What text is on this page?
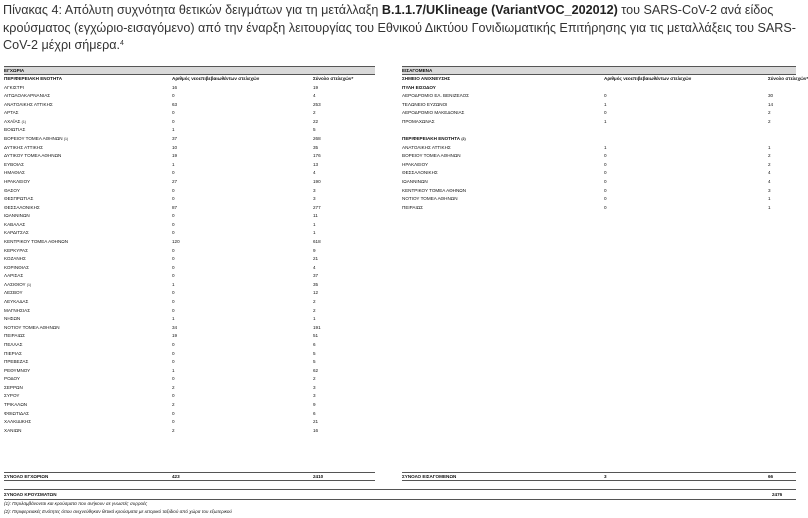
Πίνακας 4: Απόλυτη συχνότητα θετικών δειγμάτων για τη μετάλλαξη B.1.1.7/UKlineage (VariantVOC_202012) του SARS-CoV-2 ανά είδος κρούσματος (εγχώριο-εισαγόμενο) από την έναρξη λειτουργίας του Εθνικού Δικτύου Γονιδιωματικής Επιτήρησης για τις μεταλλάξεις του SARS-CoV-2 μέχρι σήμερα.$^4$
ΕΓΧΩΡΙΑ
ΠΕΡΙΦΕΡΕΙΑΚΗ ΕΝΟΤΗΤΑ	Αριθμός νεοεπιβεβαιωθέντων στελεχών	Σύνολο στελεχών*
ΑΓΚΙΣΤΡΙ	16	19
ΑΙΤΩΛΟΑΚΑΡΝΑΝΙΑΣ	0	4
ΑΝΑΤΟΛΙΚΗΣ ΑΤΤΙΚΗΣ	63	253
ΑΡΤΑΣ	0	2
ΑΧΑΪΑΣ $^{(1)}$	0	22
ΒΟΙΩΤΙΑΣ	1	5
ΒΟΡΕΙΟΥ ΤΟΜΕΑ ΑΘΗΝΩΝ $^{(1)}$	37	268
ΔΥΤΙΚΗΣ ΑΤΤΙΚΗΣ	10	35
ΔΥΤΙΚΟΥ ΤΟΜΕΑ ΑΘΗΝΩΝ	19	176
ΕΥΒΟΙΑΣ	1	13
ΗΜΑΘΙΑΣ	0	4
ΗΡΑΚΛΕΙΟΥ	27	190
ΘΑΣΟΥ	0	3
ΘΕΣΠΡΩΤΙΑΣ	0	3
ΘΕΣΣΑΛΟΝΙΚΗΣ	87	277
ΙΩΑΝΝΙΝΩΝ	0	11
ΚΑΒΑΛΑΣ	0	1
ΚΑΡΔΙΤΣΑΣ	0	1
ΚΕΝΤΡΙΚΟΥ ΤΟΜΕΑ ΑΘΗΝΩΝ	120	618
ΚΕΡΚΥΡΑΣ	0	9
ΚΟΖΑΝΗΣ	0	21
ΚΟΡΙΝΘΙΑΣ	0	4
ΛΑΡΙΣΑΣ	0	37
ΛΑΣΙΘΙΟΥ $^{(1)}$	1	35
ΛΕΣΒΟΥ	0	12
ΛΕΥΚΑΔΑΣ	0	2
ΜΑΓΝΗΣΙΑΣ	0	2
ΝΗΣΩΝ	1	1
ΝΟΤΙΟΥ ΤΟΜΕΑ ΑΘΗΝΩΝ	34	191
ΠΕΙΡΑΙΩΣ	19	51
ΠΕΛΛΑΣ	0	6
ΠΙΕΡΙΑΣ	0	5
ΠΡΕΒΕΖΑΣ	0	5
ΡΕΘΥΜΝΟΥ	1	62
ΡΟΔΟΥ	0	2
ΣΕΡΡΩΝ	2	3
ΣΥΡΟΥ	0	3
ΤΡΙΚΑΛΩΝ	2	9
ΦΘΙΩΤΙΔΑΣ	0	6
ΧΑΛΚΙΔΙΚΗΣ	0	21
ΧΑΝΙΩΝ	2	16
ΣΥΝΟΛΟ ΕΓΧΩΡΙΩΝ	423	2410
ΕΙΣΑΓΟΜΕΝΑ
ΣΗΜΕΙΟ ΑΝΙΧΝΕΥΣΗΣ	Αριθμός νεοεπιβεβαιωθέντων στελεχών	Σύνολο στελεχών*
ΠΥΛΗ ΕΙΣΟΔΟΥ
ΑΕΡΟΔΡΟΜΙΟ ΕΛ. ΒΕΝΙΖΕΛΟΣ	0	30
ΤΕΛΩΝΕΙΟ ΕΥΖΩΝΟΙ	1	14
ΑΕΡΟΔΡΟΜΙΟ ΜΑΚΕΔΟΝΙΑΣ	0	2
ΠΡΟΜΑΧΩΝΑΣ	1	2
ΠΕΡΙΦΕΡΕΙΑΚΗ ΕΝΟΤΗΤΑ $^{(2)}$
ΑΝΑΤΟΛΙΚΗΣ ΑΤΤΙΚΗΣ	1	1
ΒΟΡΕΙΟΥ ΤΟΜΕΑ ΑΘΗΝΩΝ	0	2
ΗΡΑΚΛΕΙΟΥ	0	2
ΘΕΣΣΑΛΟΝΙΚΗΣ	0	4
ΙΩΑΝΝΙΝΩΝ	0	4
ΚΕΝΤΡΙΚΟΥ ΤΟΜΕΑ ΑΘΗΝΩΝ	0	3
ΝΟΤΙΟΥ ΤΟΜΕΑ ΑΘΗΝΩΝ	0	1
ΠΕΙΡΑΙΩΣ	0	1
ΣΥΝΟΛΟ ΕΙΣΑΓΟΜΕΝΩΝ	3	66
ΣΥΝΟΛΟ ΚΡΟΥΣΜΑΤΩΝ	2476
(1): Περιλαμβάνονται και κρούσματα που ανήκουν σε γνωστές συρροές
(2): Περιφερειακές Ενότητες όπου ανιχνεύθηκαν θετικά κρούσματα με ιστορικό ταξιδιού από χώρα του εξωτερικού
